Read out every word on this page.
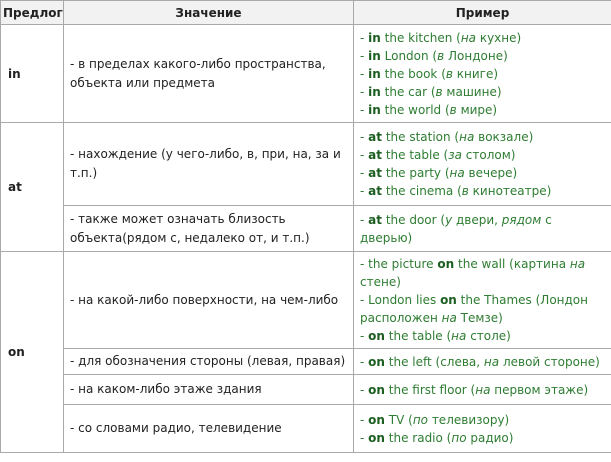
Предлог	Значение	Пример
in	- в пределах какого-либо пространства, объекта или предмета	- in the kitchen (на кухне)
- in London (в Лондоне)
- in the book (в книге)
- in the car (в машине)
- in the world (в мире)

at	- нахождение (у чего-либо, в, при, на, за и т.п.)	- at the station (на вокзале)
- at the table (за столом)
- at the party (на вечере)
- at the cinema (в кинотеатре)

	- также может означать близость объекта(рядом с, недалеко от, и т.п.)	- at the door (у двери, рядом с дверью)

on	- на какой-либо поверхности, на чем-либо	- the picture on the wall (картина на стене)
- London lies on the Thames (Лондон расположен на Темзе)
- on the table (на столе)

	- для обозначения стороны (левая, правая)	- on the left (слева, на левой стороне)

	- на каком-либо этаже здания	- on the first floor (на первом этаже)

	- со словами радио, телевидение	- on TV (по телевизору)
- on the radio (по радио)
